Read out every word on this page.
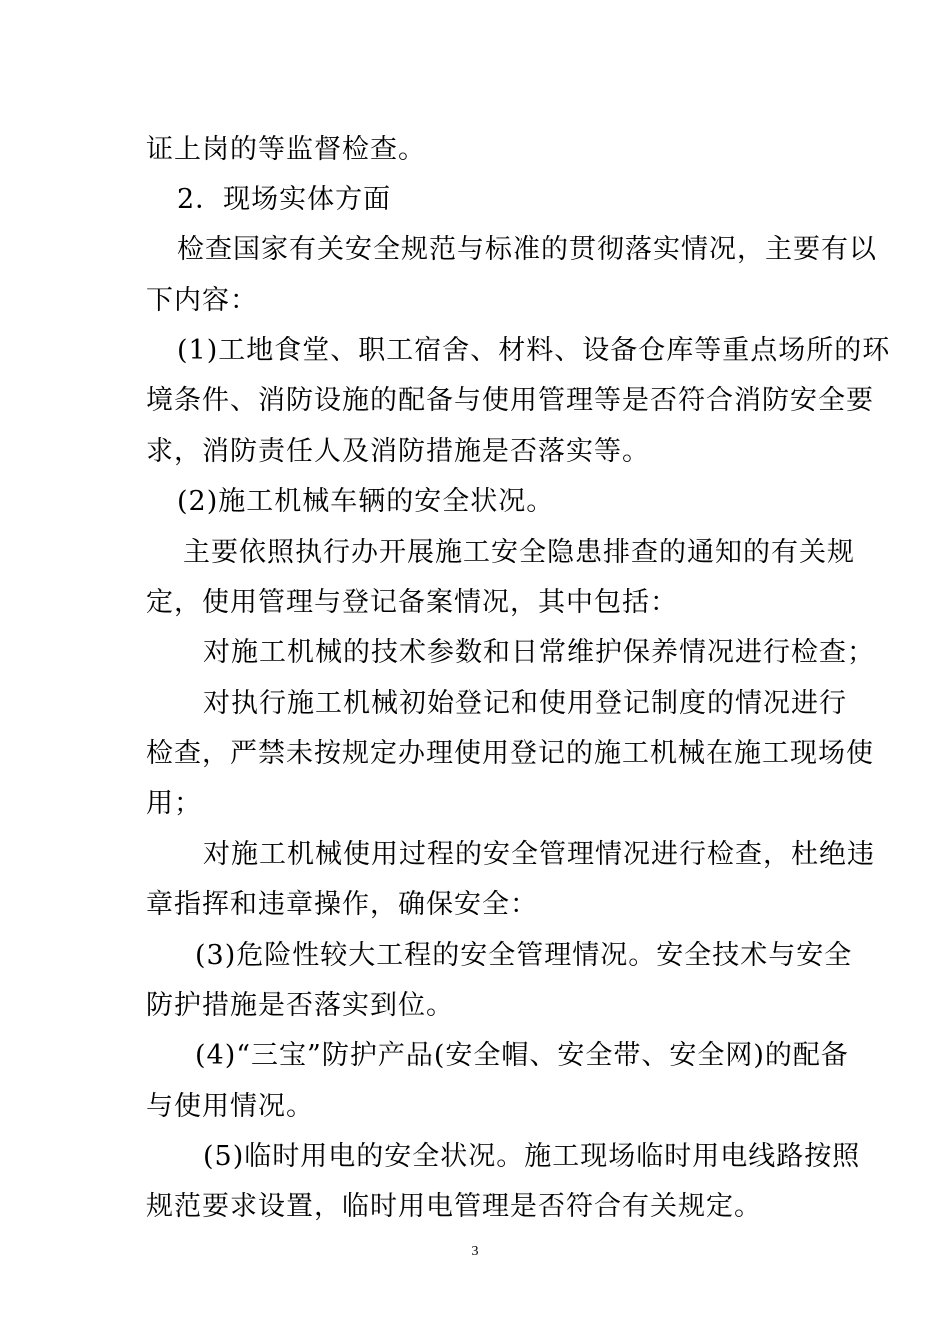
证上岗的等监督检查。
2．现场实体方面
检查国家有关安全规范与标准的贯彻落实情况，主要有以
下内容：
(1)工地食堂、职工宿舍、材料、设备仓库等重点场所的环
境条件、消防设施的配备与使用管理等是否符合消防安全要
求，消防责任人及消防措施是否落实等。
(2)施工机械车辆的安全状况。
主要依照执行办开展施工安全隐患排查的通知的有关规
定，使用管理与登记备案情况，其中包括：
对施工机械的技术参数和日常维护保养情况进行检查；
对执行施工机械初始登记和使用登记制度的情况进行
检查，严禁未按规定办理使用登记的施工机械在施工现场使
用；
对施工机械使用过程的安全管理情况进行检查，杜绝违
章指挥和违章操作，确保安全：
(3)危险性较大工程的安全管理情况。安全技术与安全
防护措施是否落实到位。
(4)“三宝”防护产品(安全帽、安全带、安全网)的配备
与使用情况。
(5)临时用电的安全状况。施工现场临时用电线路按照
规范要求设置，临时用电管理是否符合有关规定。
3
